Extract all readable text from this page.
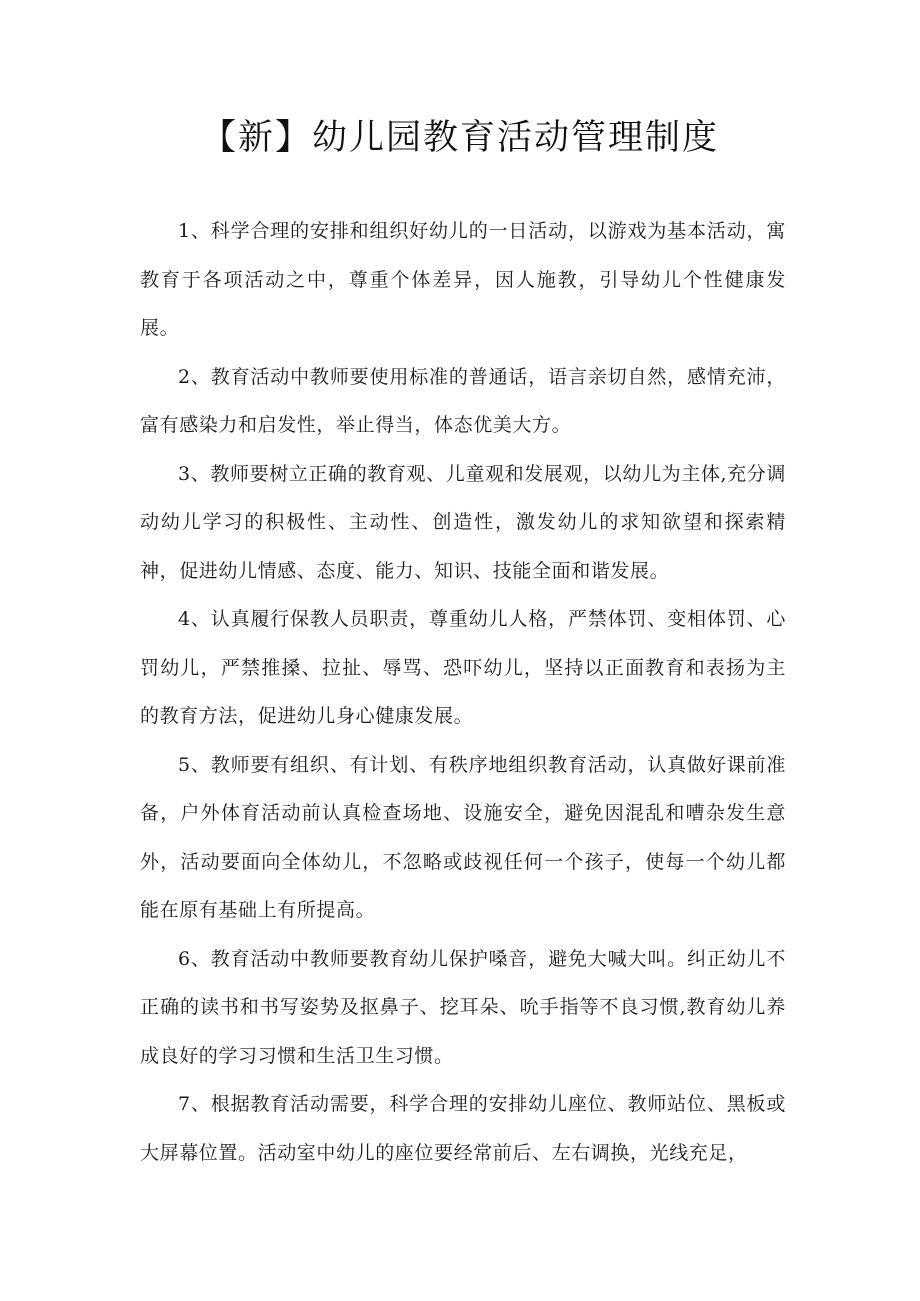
【新】幼儿园教育活动管理制度

1、科学合理的安排和组织好幼儿的一日活动，以游戏为基本活动，寓教育于各项活动之中，尊重个体差异，因人施教，引导幼儿个性健康发展。

2、教育活动中教师要使用标准的普通话，语言亲切自然，感情充沛，富有感染力和启发性，举止得当，体态优美大方。

3、教师要树立正确的教育观、儿童观和发展观，以幼儿为主体,充分调动幼儿学习的积极性、主动性、创造性，激发幼儿的求知欲望和探索精神，促进幼儿情感、态度、能力、知识、技能全面和谐发展。

4、认真履行保教人员职责，尊重幼儿人格，严禁体罚、变相体罚、心罚幼儿，严禁推搡、拉扯、辱骂、恐吓幼儿，坚持以正面教育和表扬为主的教育方法，促进幼儿身心健康发展。

5、教师要有组织、有计划、有秩序地组织教育活动，认真做好课前准备，户外体育活动前认真检查场地、设施安全，避免因混乱和嘈杂发生意外，活动要面向全体幼儿，不忽略或歧视任何一个孩子，使每一个幼儿都能在原有基础上有所提高。

6、教育活动中教师要教育幼儿保护嗓音，避免大喊大叫。纠正幼儿不正确的读书和书写姿势及抠鼻子、挖耳朵、吮手指等不良习惯,教育幼儿养成良好的学习习惯和生活卫生习惯。

7、根据教育活动需要，科学合理的安排幼儿座位、教师站位、黑板或大屏幕位置。活动室中幼儿的座位要经常前后、左右调换，光线充足，
